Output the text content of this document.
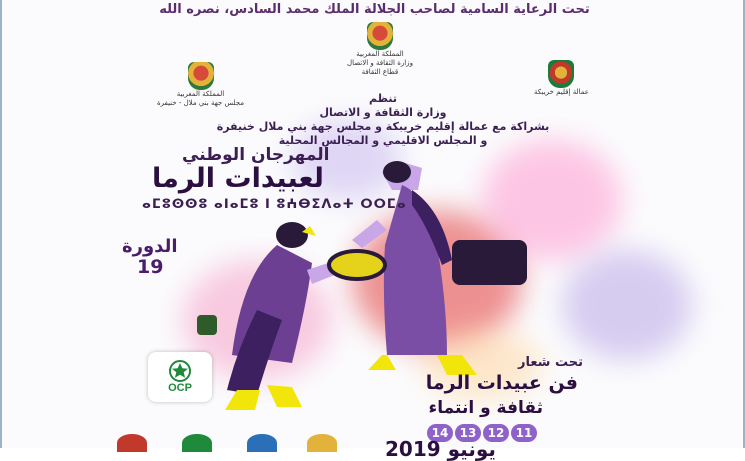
تحت الرعاية السامية لصاحب الجلالة الملك محمد السادس، نصره الله
المملكة المغربية
وزارة الثقافة و الاتصال
قطاع الثقافة
المملكة المغربية
مجلس جهة بني ملال - خنيفرة
عمالة إقليم خريبكة
تنظم
وزارة الثقافة و الاتصال
بشراكة مع عمالة إقليم خريبكة و مجلس جهة بني ملال خنيفرة
و المجلس الاقليمي و المجالس المحلية
المهرجان الوطني
لعبيدات الرما
ⴰⵎⵓⵙⵙⵓ ⴰⵏⴰⵎⵓ ⵏ ⵓⵄⴱⵉⴷⴰⵜ ⵔⵔⵎⴰ
الدورة
19
OCP
تحت شعار
فن عبيدات الرما
ثقافة و انتماء
14 13 12 11
يونيو 2019
